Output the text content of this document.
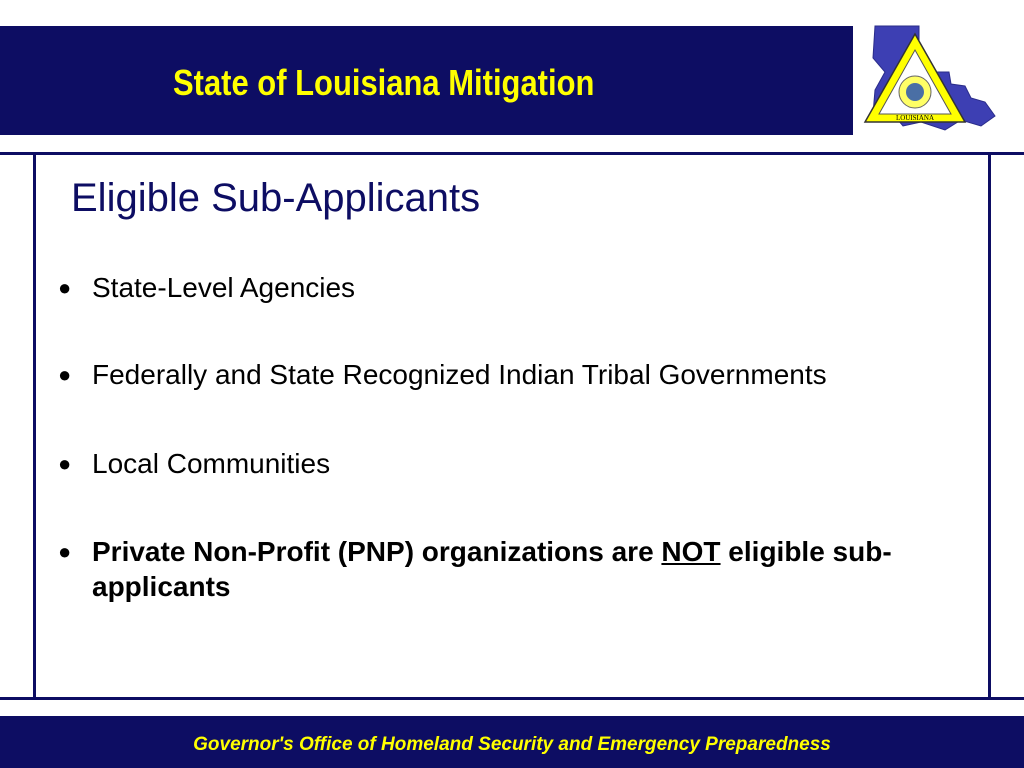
State of Louisiana Mitigation
LOUISIANA
Eligible Sub-Applicants
● State-Level Agencies
● Federally and State Recognized Indian Tribal Governments
● Local Communities
● Private Non-Profit (PNP) organizations are NOT eligible sub-applicants
Governor's Office of Homeland Security and Emergency Preparedness
